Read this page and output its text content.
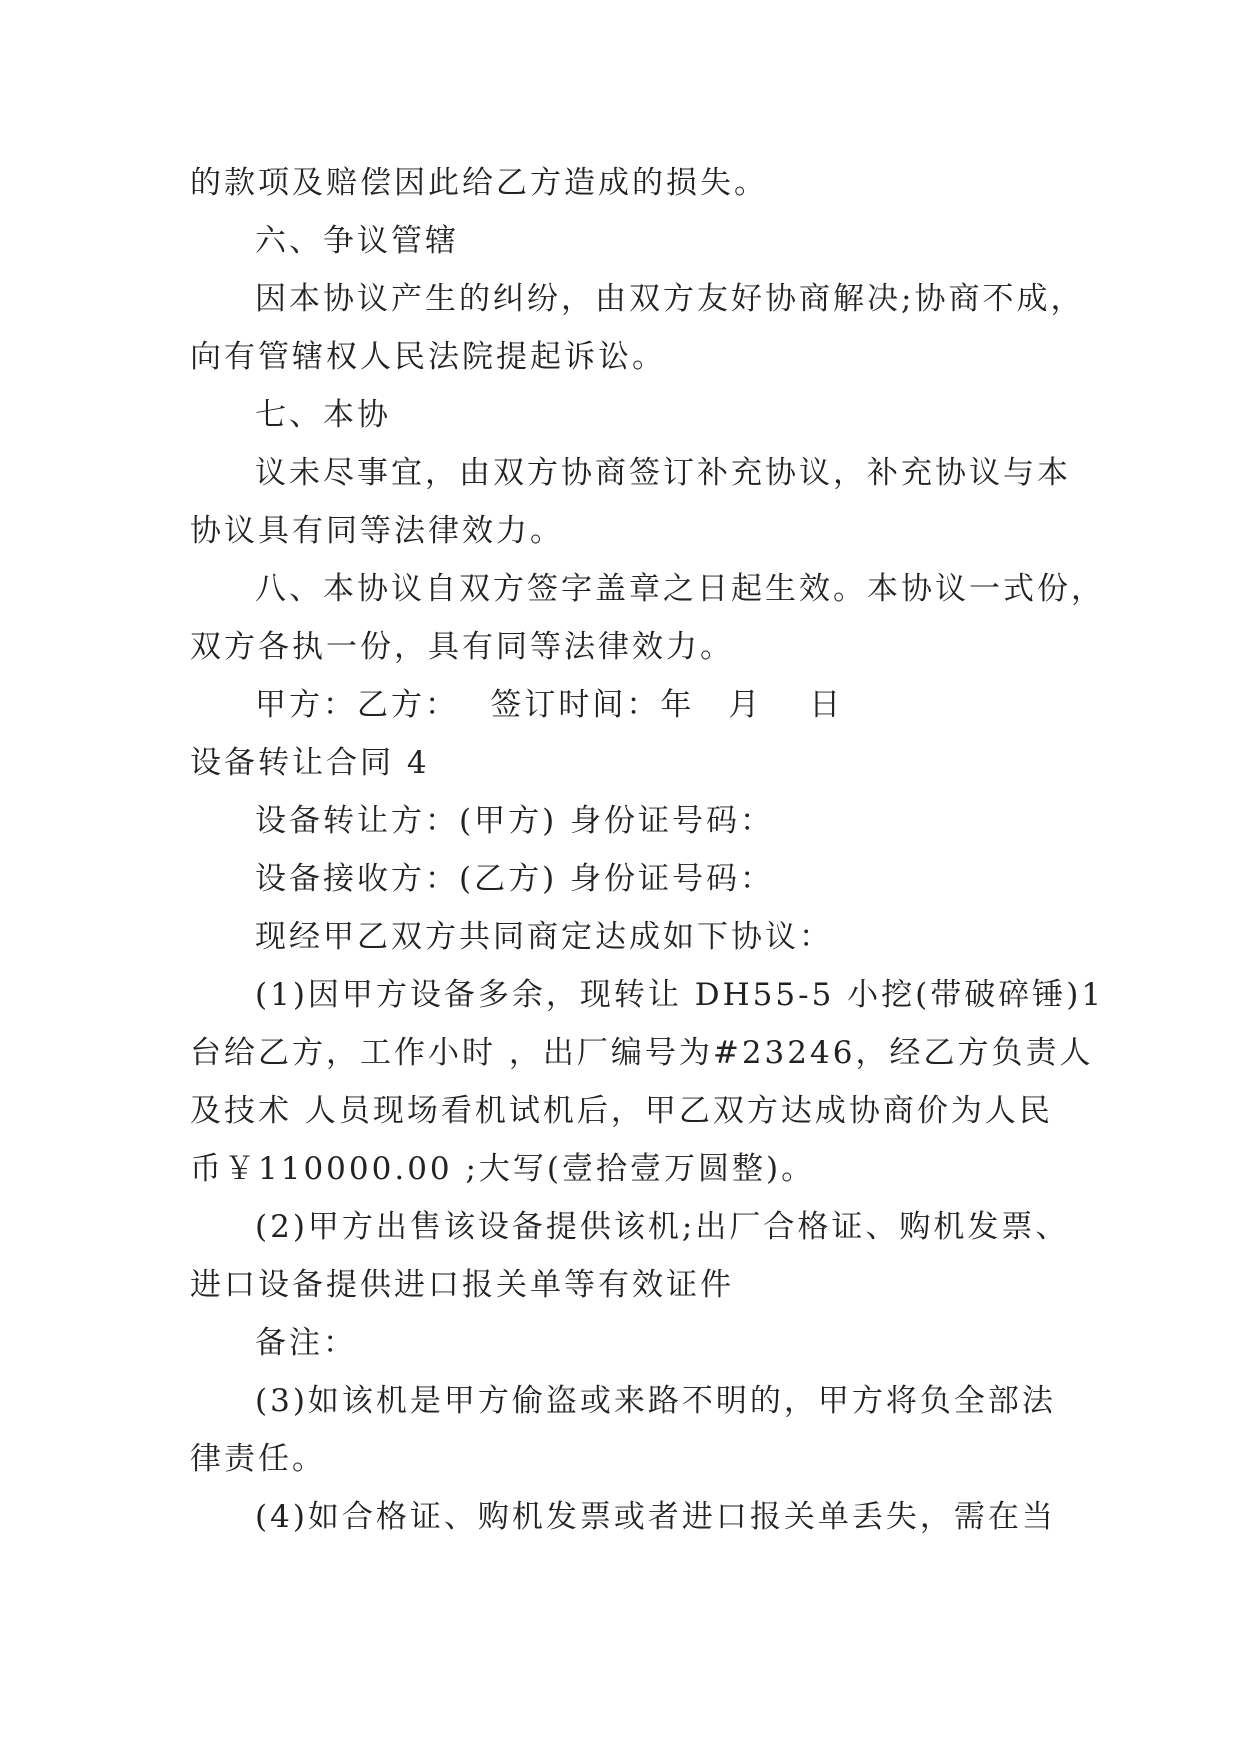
的款项及赔偿因此给乙方造成的损失。
六、争议管辖
因本协议产生的纠纷，由双方友好协商解决;协商不成，
向有管辖权人民法院提起诉讼。
七、本协
议未尽事宜，由双方协商签订补充协议，补充协议与本
协议具有同等法律效力。
八、本协议自双方签字盖章之日起生效。本协议一式份，
双方各执一份，具有同等法律效力。
甲方：乙方：　 签订时间：年　月　 日
设备转让合同 4
设备转让方：(甲方) 身份证号码：
设备接收方：(乙方) 身份证号码：
现经甲乙双方共同商定达成如下协议：
(1)因甲方设备多余，现转让 DH55-5 小挖(带破碎锤)1
台给乙方，工作小时 ，出厂编号为#23246，经乙方负责人
及技术 人员现场看机试机后，甲乙双方达成协商价为人民
币￥110000.00 ;大写(壹拾壹万圆整)。
(2)甲方出售该设备提供该机;出厂合格证、购机发票、
进口设备提供进口报关单等有效证件
备注：
(3)如该机是甲方偷盗或来路不明的，甲方将负全部法
律责任。
(4)如合格证、购机发票或者进口报关单丢失，需在当
